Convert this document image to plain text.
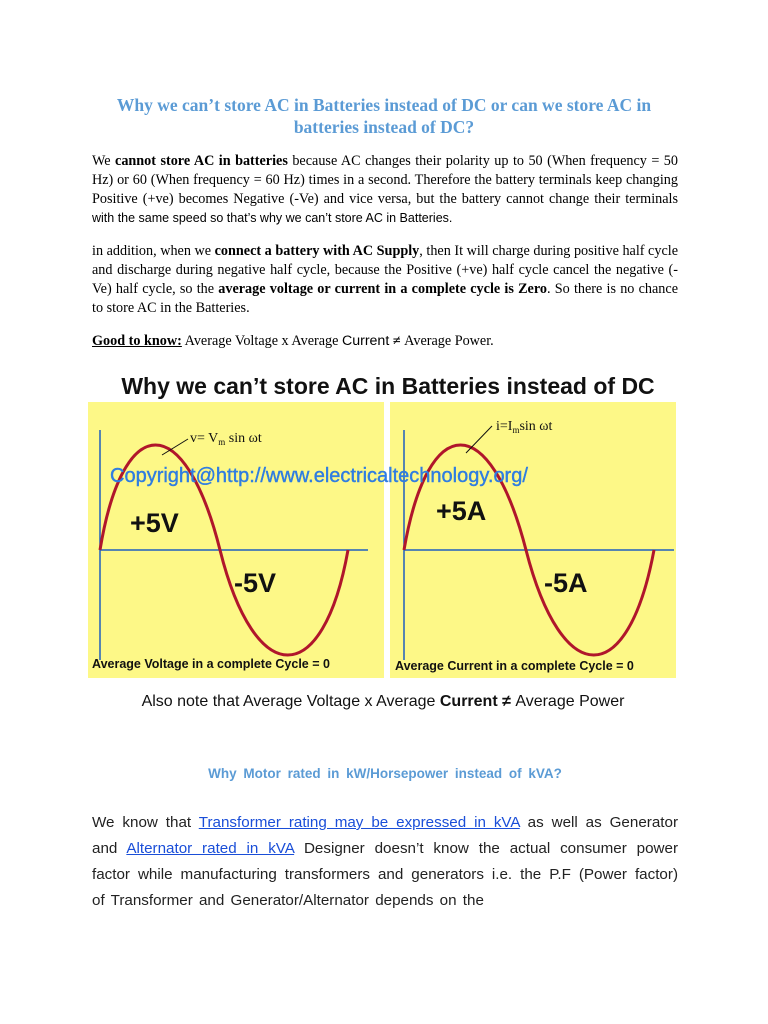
Why we can’t store AC in Batteries instead of DC or can we store AC in batteries instead of DC?
We cannot store AC in batteries because AC changes their polarity up to 50 (When frequency = 50 Hz) or 60 (When frequency = 60 Hz) times in a second. Therefore the battery terminals keep changing Positive (+ve) becomes Negative (-Ve) and vice versa, but the battery cannot change their terminals with the same speed so that’s why we can’t store AC in Batteries.
in addition, when we connect a battery with AC Supply, then It will charge during positive half cycle and discharge during negative half cycle, because the Positive (+ve) half cycle cancel the negative (-Ve) half cycle, so the average voltage or current in a complete cycle is Zero. So there is no chance to store AC in the Batteries.
Good to know: Average Voltage x Average Current ≠ Average Power.
Why we can’t store AC in Batteries instead of DC
$v= V_m$ sin ωt
$i=I_m\sin$ ωt
Copyright@http://www.electricaltechnology.org/
+5V
-5V
+5A
-5A
Average Voltage in a complete Cycle = 0	Average Current in a complete Cycle = 0
Also note that Average Voltage x Average Current ≠ Average Power
Why Motor rated in kW/Horsepower instead of kVA?
We know that Transformer rating may be expressed in kVA as well as Generator and Alternator rated in kVA Designer doesn’t know the actual consumer power factor while manufacturing transformers and generators i.e. the P.F (Power factor) of Transformer and Generator/Alternator depends on the
